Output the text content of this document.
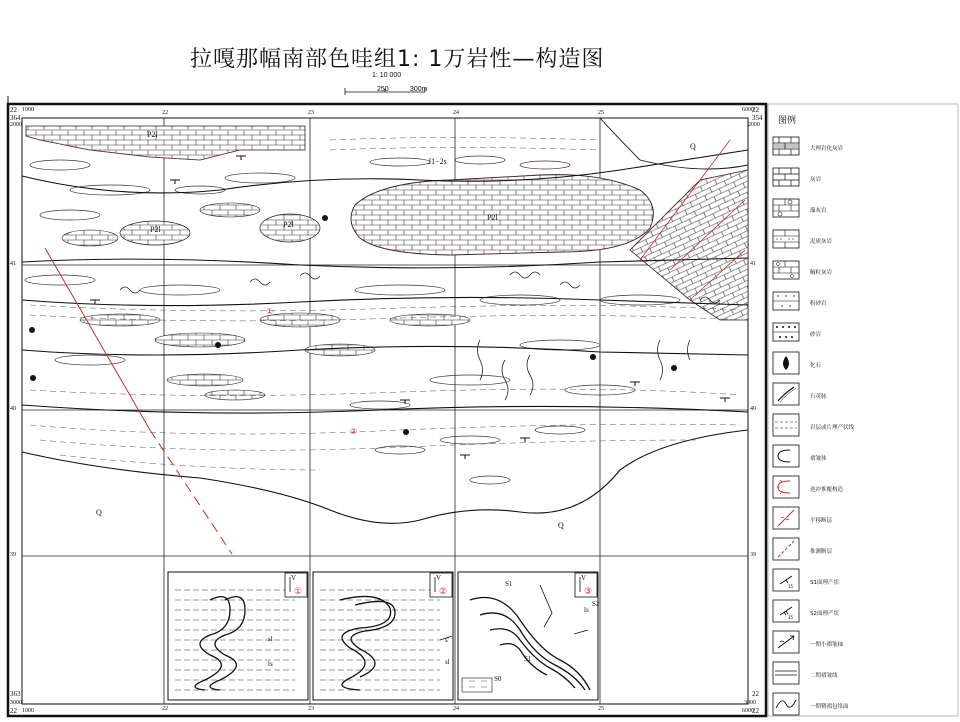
拉嘎那幅南部色哇组1: 1万岩性—构造图
1: 10 000
250	300m
22
364
1000
2000
22
354
6000
2000
363
3000
22 1000
22
3000
22
6000
22	23	24	25
22	23	24	25
41
40
39
41
40
39
P2l
P2l
P2l
P2l
J1−2s
Q
Q
Q
①
②
①	②	③
V	V	V
sl
ls	sl
s'
S1
ls
S2
S1
S0
图例
大理岩化灰岩
灰岩
藻灰岩
泥质灰岩
鲕粒灰岩
粉砂岩
砂岩
化石
石英脉
岩层或片理产状线
褶皱体
逆冲推覆构造
平移断层
推测断层
35
S1面理产状
35
S2面理产状
一期小褶皱轴
二期褶皱线
一期鞘褶包络面
